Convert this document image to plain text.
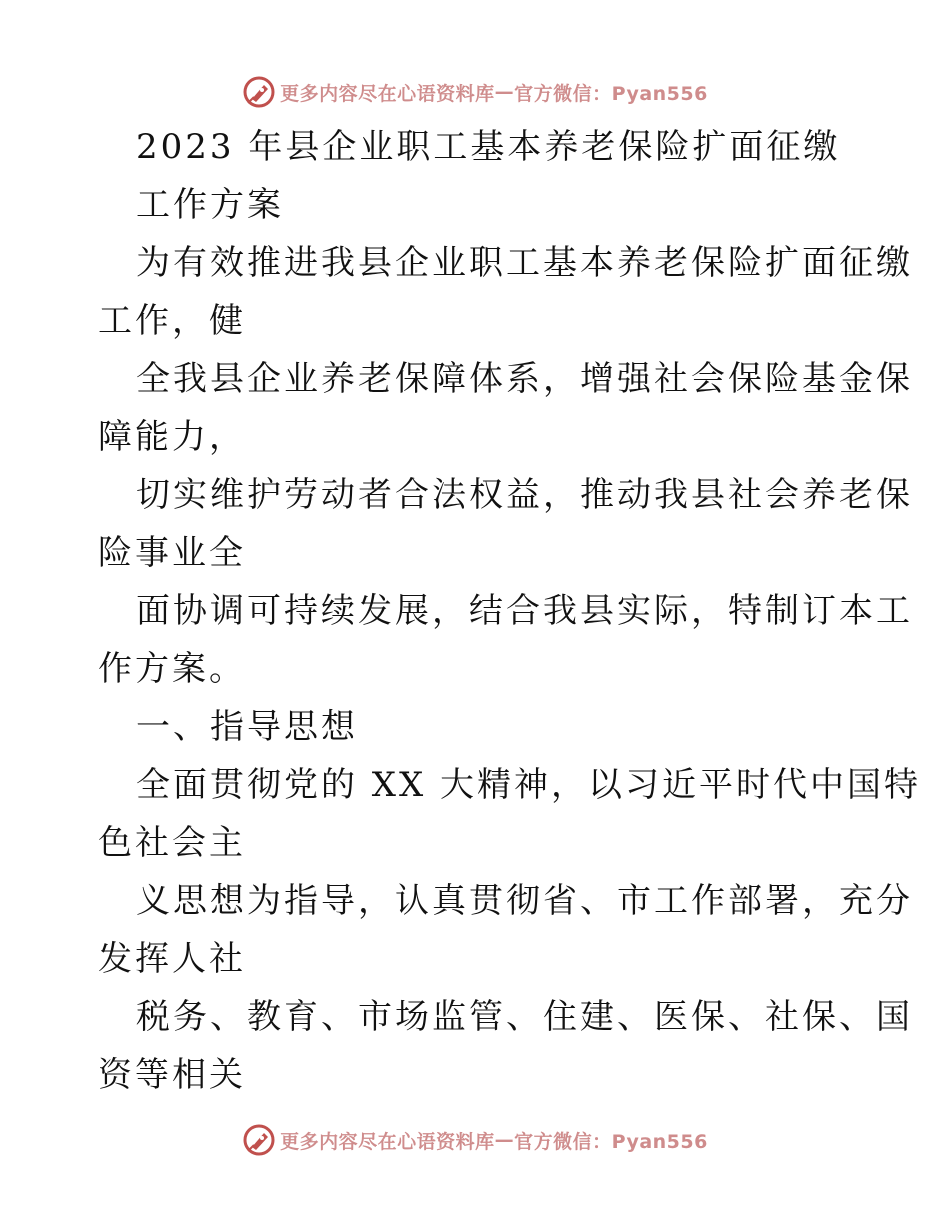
更多内容尽在心语资料库 — 官方微信：Pyan556
2023 年县企业职工基本养老保险扩面征缴
工作方案
为有效推进我县企业职工基本养老保险扩面征缴
工作，健
全我县企业养老保障体系，增强社会保险基金保
障能力，
切实维护劳动者合法权益，推动我县社会养老保
险事业全
面协调可持续发展，结合我县实际，特制订本工
作方案。
一、指导思想
全面贯彻党的 XX 大精神，以习近平时代中国特
色社会主
义思想为指导，认真贯彻省、市工作部署，充分
发挥人社
税务、教育、市场监管、住建、医保、社保、国
资等相关
更多内容尽在心语资料库 — 官方微信：Pyan556
